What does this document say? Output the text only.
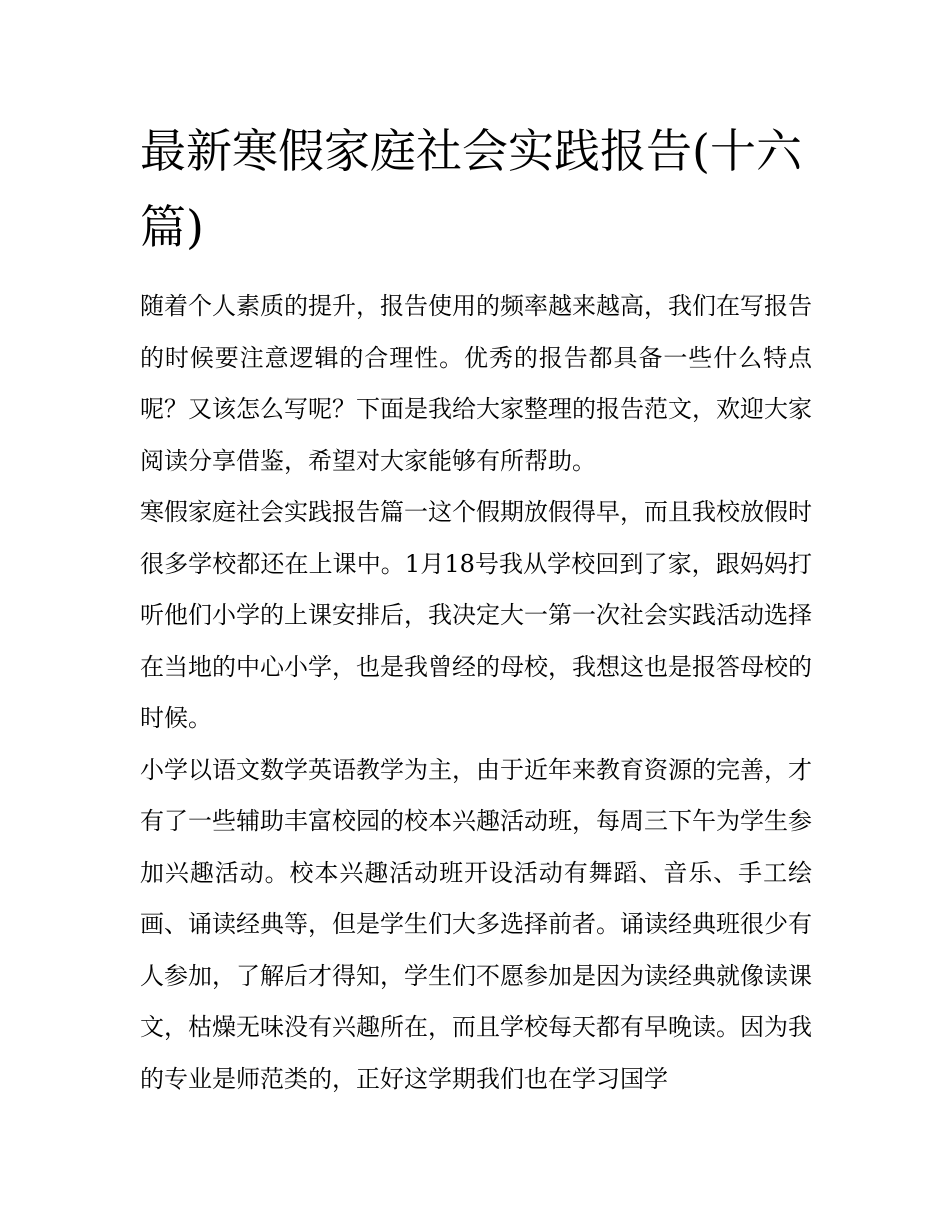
最新寒假家庭社会实践报告(十六篇)

随着个人素质的提升，报告使用的频率越来越高，我们在写报告的时候要注意逻辑的合理性。优秀的报告都具备一些什么特点呢？又该怎么写呢？下面是我给大家整理的报告范文，欢迎大家阅读分享借鉴，希望对大家能够有所帮助。

寒假家庭社会实践报告篇一这个假期放假得早，而且我校放假时很多学校都还在上课中。1月18号我从学校回到了家，跟妈妈打听他们小学的上课安排后，我决定大一第一次社会实践活动选择在当地的中心小学，也是我曾经的母校，我想这也是报答母校的时候。

小学以语文数学英语教学为主，由于近年来教育资源的完善，才有了一些辅助丰富校园的校本兴趣活动班，每周三下午为学生参加兴趣活动。校本兴趣活动班开设活动有舞蹈、音乐、手工绘画、诵读经典等，但是学生们大多选择前者。诵读经典班很少有人参加，了解后才得知，学生们不愿参加是因为读经典就像读课文，枯燥无味没有兴趣所在，而且学校每天都有早晚读。因为我的专业是师范类的，正好这学期我们也在学习国学
